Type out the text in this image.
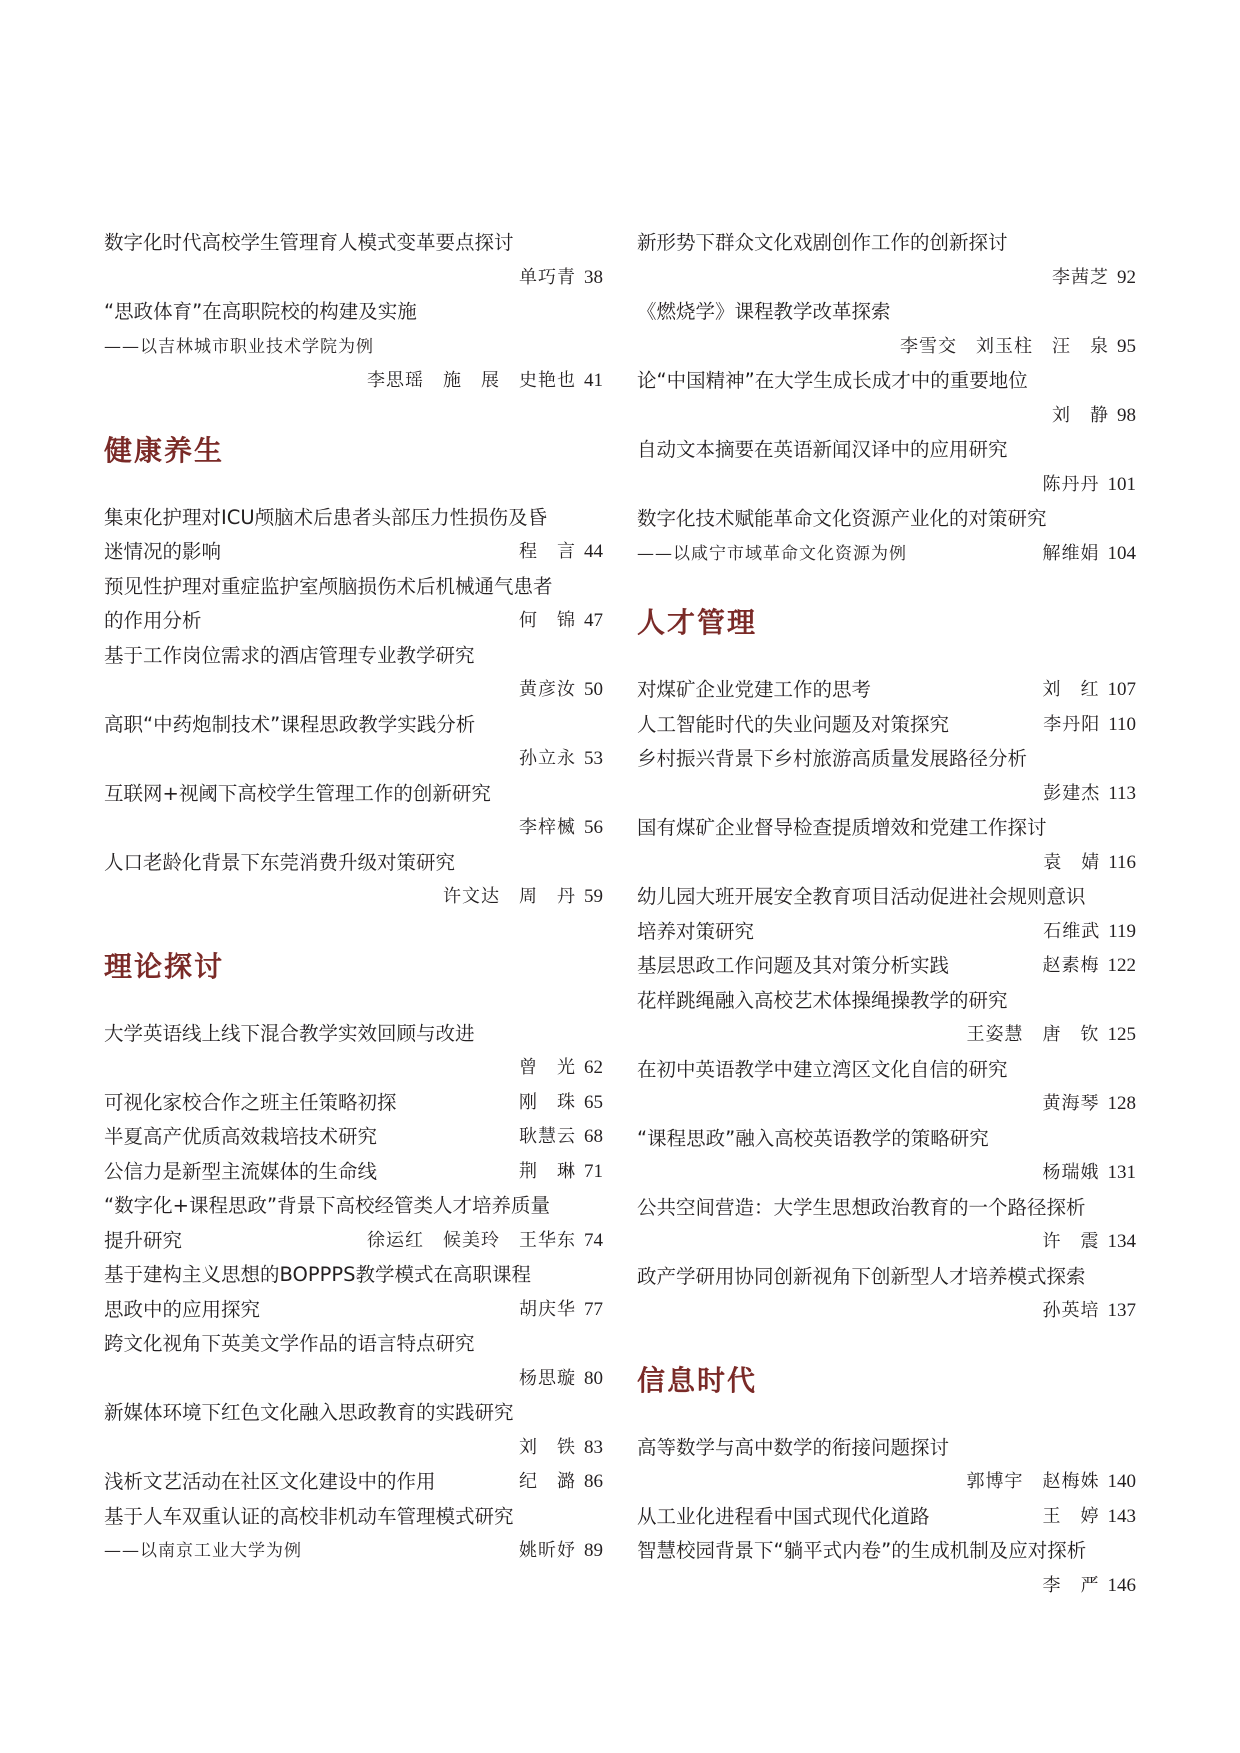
数字化时代高校学生管理育人模式变革要点探讨
单巧青 38
“思政体育”在高职院校的构建及实施
——以吉林城市职业技术学院为例
李思瑶　施　展　史艳也 41
健康养生
集束化护理对ICU颅脑术后患者头部压力性损伤及昏
迷情况的影响	程　言 44
预见性护理对重症监护室颅脑损伤术后机械通气患者
的作用分析	何　锦 47
基于工作岗位需求的酒店管理专业教学研究
黄彦汝 50
高职“中药炮制技术”课程思政教学实践分析
孙立永 53
互联网+视阈下高校学生管理工作的创新研究
李梓楲 56
人口老龄化背景下东莞消费升级对策研究
许文达　周　丹 59
理论探讨
大学英语线上线下混合教学实效回顾与改进
曾　光 62
可视化家校合作之班主任策略初探	刚　珠 65
半夏高产优质高效栽培技术研究	耿慧云 68
公信力是新型主流媒体的生命线	荆　琳 71
“数字化+课程思政”背景下高校经管类人才培养质量
提升研究	徐运红　候美玲　王华东 74
基于建构主义思想的BOPPPS教学模式在高职课程
思政中的应用探究	胡庆华 77
跨文化视角下英美文学作品的语言特点研究
杨思璇 80
新媒体环境下红色文化融入思政教育的实践研究
刘　铁 83
浅析文艺活动在社区文化建设中的作用	纪　潞 86
基于人车双重认证的高校非机动车管理模式研究
——以南京工业大学为例	姚昕妤 89
新形势下群众文化戏剧创作工作的创新探讨
李茜芝 92
《燃烧学》课程教学改革探索
李雪交　刘玉柱　汪　泉 95
论“中国精神”在大学生成长成才中的重要地位
刘　静 98
自动文本摘要在英语新闻汉译中的应用研究
陈丹丹 101
数字化技术赋能革命文化资源产业化的对策研究
——以咸宁市域革命文化资源为例	解维娟 104
人才管理
对煤矿企业党建工作的思考	刘　红 107
人工智能时代的失业问题及对策探究	李丹阳 110
乡村振兴背景下乡村旅游高质量发展路径分析
彭建杰 113
国有煤矿企业督导检查提质增效和党建工作探讨
袁　婧 116
幼儿园大班开展安全教育项目活动促进社会规则意识
培养对策研究	石维武 119
基层思政工作问题及其对策分析实践	赵素梅 122
花样跳绳融入高校艺术体操绳操教学的研究
王姿慧　唐　钦 125
在初中英语教学中建立湾区文化自信的研究
黄海琴 128
“课程思政”融入高校英语教学的策略研究
杨瑞娥 131
公共空间营造：大学生思想政治教育的一个路径探析
许　震 134
政产学研用协同创新视角下创新型人才培养模式探索
孙英培 137
信息时代
高等数学与高中数学的衔接问题探讨
郭博宇　赵梅姝 140
从工业化进程看中国式现代化道路	王　婷 143
智慧校园背景下“躺平式内卷”的生成机制及应对探析
李　严 146
